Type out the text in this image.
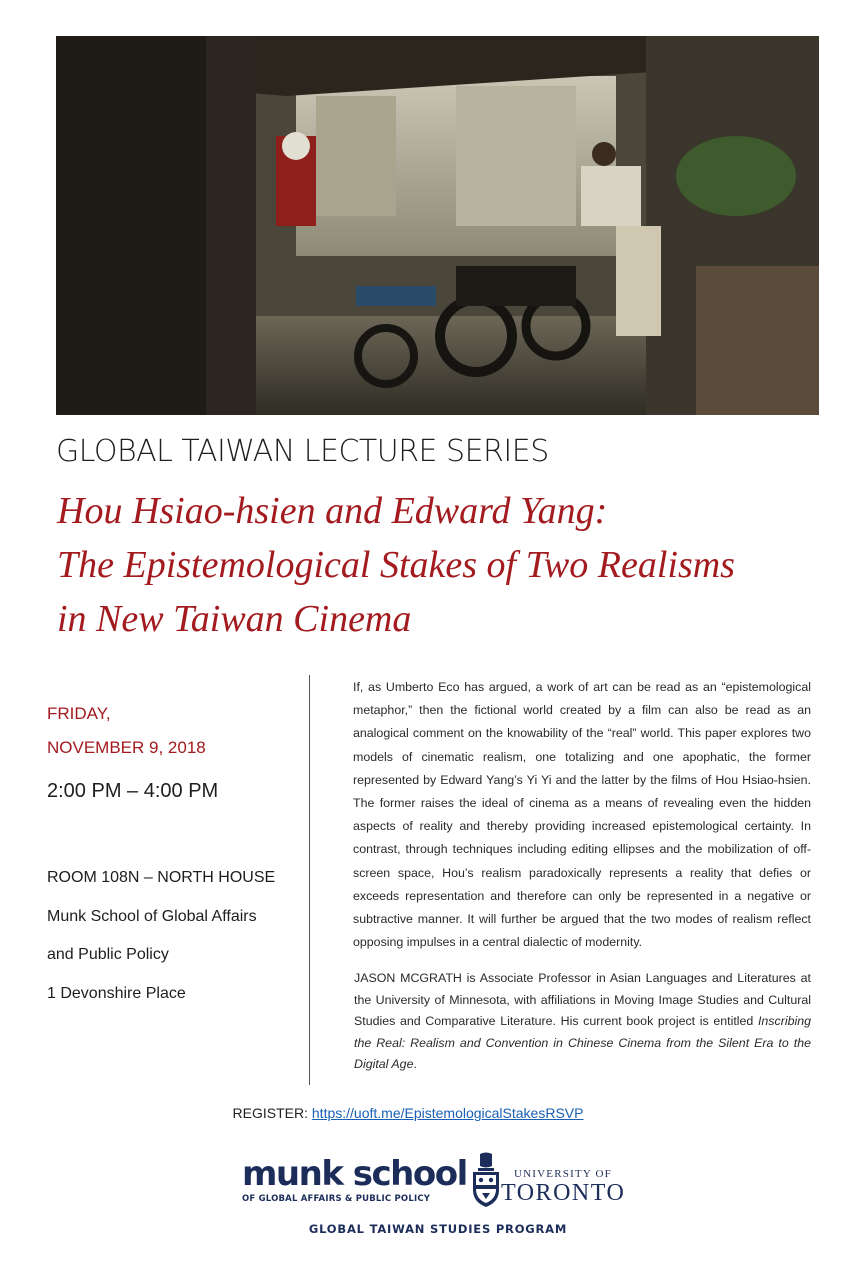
GLOBAL TAIWAN LECTURE SERIES
Hou Hsiao-hsien and Edward Yang:
The Epistemological Stakes of Two Realisms
in New Taiwan Cinema
FRIDAY,
NOVEMBER 9, 2018
2:00 PM – 4:00 PM
ROOM 108N – NORTH HOUSE
Munk School of Global Affairs
and Public Policy
1 Devonshire Place
If, as Umberto Eco has argued, a work of art can be read as an “epistemological metaphor,” then the fictional world created by a film can also be read as an analogical comment on the knowability of the “real” world. This paper explores two models of cinematic realism, one totalizing and one apophatic, the former represented by Edward Yang’s Yi Yi and the latter by the films of Hou Hsiao-hsien. The former raises the ideal of cinema as a means of revealing even the hidden aspects of reality and thereby providing increased epistemological certainty. In contrast, through techniques including editing ellipses and the mobilization of off-screen space, Hou’s realism paradoxically represents a reality that defies or exceeds representation and therefore can only be represented in a negative or subtractive manner. It will further be argued that the two modes of realism reflect opposing impulses in a central dialectic of modernity.
JASON MCGRATH is Associate Professor in Asian Languages and Literatures at the University of Minnesota, with affiliations in Moving Image Studies and Cultural Studies and Comparative Literature. His current book project is entitled Inscribing the Real: Realism and Convention in Chinese Cinema from the Silent Era to the Digital Age.
REGISTER: https://uoft.me/EpistemologicalStakesRSVP
munk school
OF GLOBAL AFFAIRS & PUBLIC POLICY
UNIVERSITY OF
TORONTO
GLOBAL TAIWAN STUDIES PROGRAM
